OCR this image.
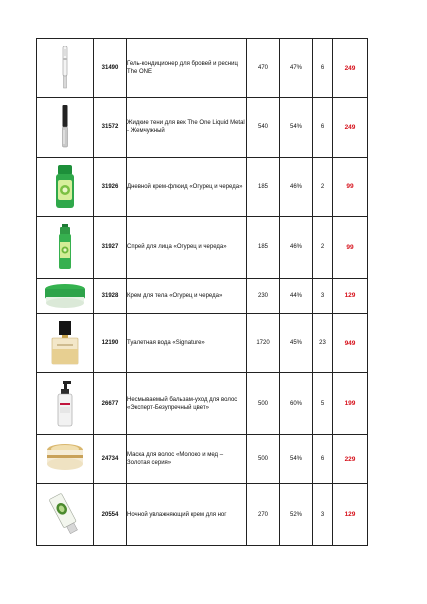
	31490	Гель-кондиционер для бровей и ресниц The ONE	470	47%	6	249

	31572	Жидкие тени для век The One Liquid Metal - Жемчужный	540	54%	6	249

	31926	Дневной крем-флюид «Огурец и череда»	185	46%	2	99

	31927	Спрей для лица «Огурец и череда»	185	46%	2	99

	31928	Крем для тела «Огурец и череда»	230	44%	3	129

	12190	Туалетная вода «Signature»	1720	45%	23	949

	26677	Несмываемый бальзам-уход для волос «Эксперт-Безупречный цвет»	500	60%	5	199

	24734	Маска для волос «Молоко и мед – Золотая серия»	500	54%	6	229

	20554	Ночной увлажняющий крем для ног	270	52%	3	129
